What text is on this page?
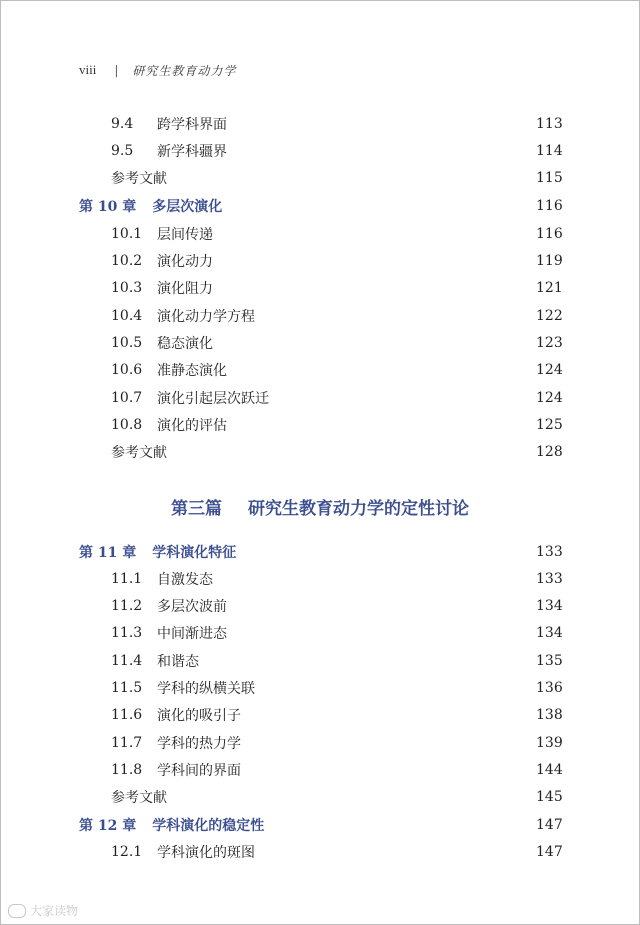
viii | 研究生教育动力学
9.4	跨学科界面	113
9.5	新学科疆界	114
参考文献	115
第 10 章 多层次演化	116
10.1 层间传递	116
10.2 演化动力	119
10.3 演化阻力	121
10.4 演化动力学方程	122
10.5 稳态演化	123
10.6 准静态演化	124
10.7 演化引起层次跃迁	124
10.8 演化的评估	125
参考文献	128
第 11 章 学科演化特征	133
11.1 自激发态	133
11.2 多层次波前	134
11.3 中间渐进态	134
11.4 和谐态	135
11.5 学科的纵横关联	136
11.6 演化的吸引子	138
11.7 学科的热力学	139
11.8 学科间的界面	144
参考文献	145
第 12 章 学科演化的稳定性	147
12.1 学科演化的斑图	147
第三篇 研究生教育动力学的定性讨论
大家读物
